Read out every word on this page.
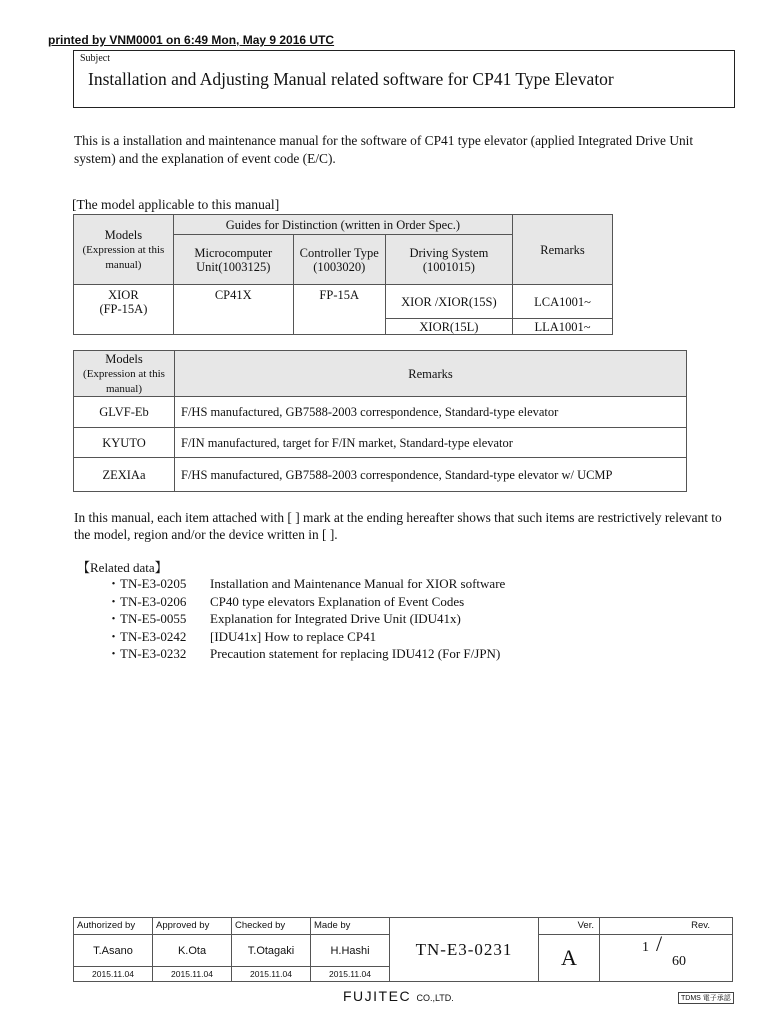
printed by VNM0001 on 6:49 Mon, May 9 2016 UTC
Subject
Installation and Adjusting Manual related software for CP41 Type Elevator
This is a installation and maintenance manual for the software of CP41 type elevator (applied Integrated Drive Unit system) and the explanation of event code (E/C).
[The model applicable to this manual]
Models
(Expression at this manual)	Guides for Distinction (written in Order Spec.)			Remarks
	Microcomputer Unit(1003125)	Controller Type (1003020)	Driving System (1001015)	
XIOR
(FP-15A)	CP41X	FP-15A	XIOR /XIOR(15S)	LCA1001~
			XIOR(15L)	LLA1001~
Models
(Expression at this manual)	Remarks
GLVF-Eb	F/HS manufactured, GB7588-2003 correspondence, Standard-type elevator
KYUTO	F/IN manufactured, target for F/IN market, Standard-type elevator
ZEXIAa	F/HS manufactured, GB7588-2003 correspondence, Standard-type elevator w/ UCMP
In this manual, each item attached with [ ] mark at the ending hereafter shows that such items are restrictively relevant to the model, region and/or the device written in [ ].
【Related data】
・TN-E3-0205	Installation and Maintenance Manual for XIOR software
・TN-E3-0206	CP40 type elevators Explanation of Event Codes
・TN-E5-0055	Explanation for Integrated Drive Unit (IDU41x)
・TN-E3-0242	[IDU41x] How to replace CP41
・TN-E3-0232	Precaution statement for replacing IDU412 (For F/JPN)
Authorized by	Approved by	Checked by	Made by	TN-E3-0231	Ver.	Rev.
T.Asano	K.Ota	T.Otagaki	H.Hashi		A	1 /
60

2015.11.04	2015.11.04	2015.11.04	2015.11.04			
FUJITEC CO.,LTD.	TDMS 電子承認
